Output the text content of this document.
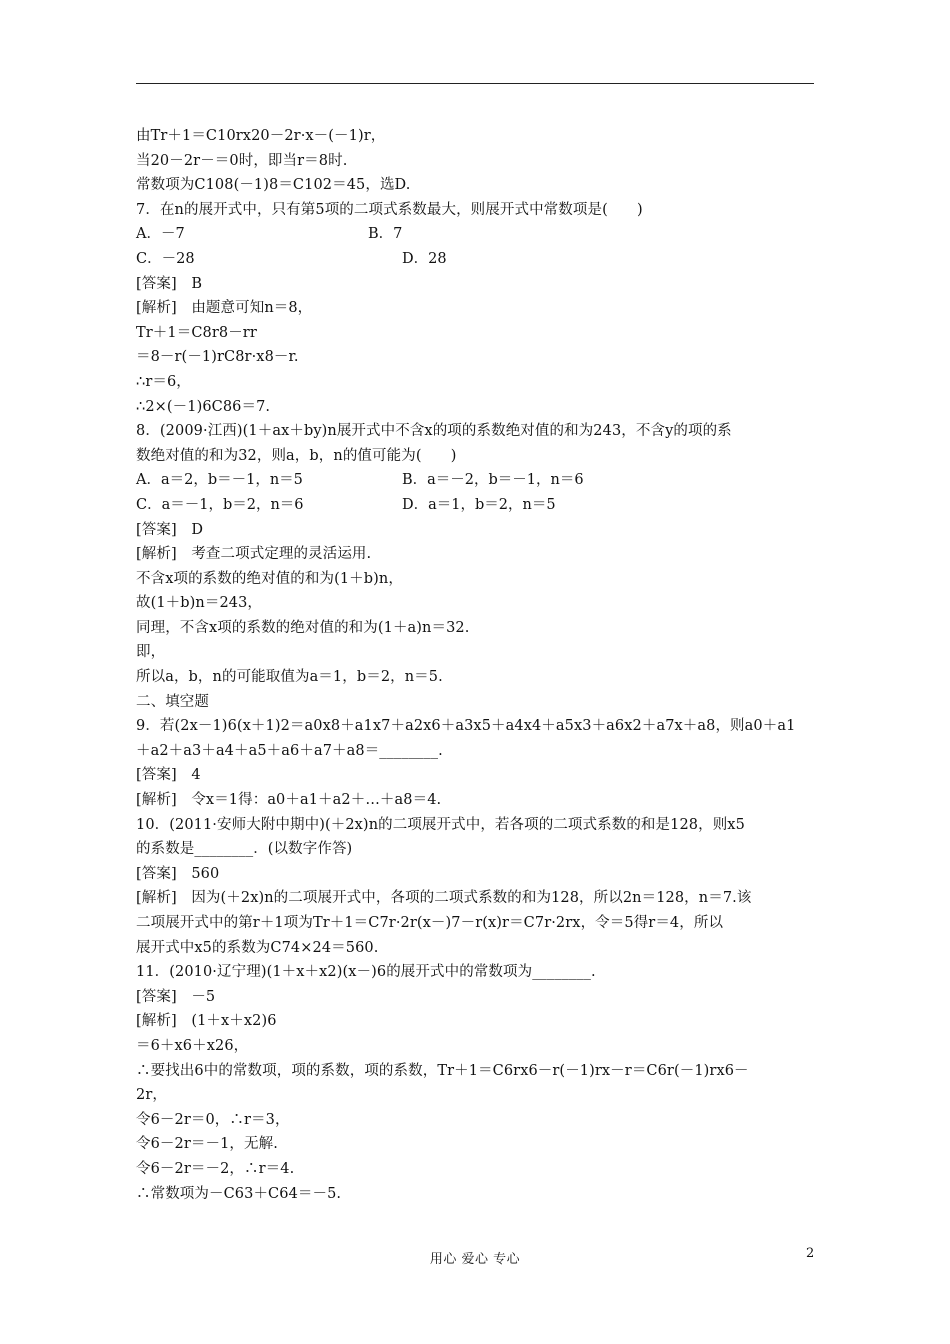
由Tr＋1＝C10rx20－2r·x－(－1)r，
当20－2r－＝0时，即当r＝8时.
常数项为C108(－1)8＝C102＝45，选D.
7．在n的展开式中，只有第5项的二项式系数最大，则展开式中常数项是(　　)
A．－7	B．7
C．－28	D．28
[答案]　B
[解析]　由题意可知n＝8，
Tr＋1＝C8r8－rr
＝8－r(－1)rC8r·x8－r.
∴r＝6，
∴2×(－1)6C86＝7.
8．(2009·江西)(1＋ax＋by)n展开式中不含x的项的系数绝对值的和为243，不含y的项的系
数绝对值的和为32，则a，b，n的值可能为(　　)
A．a＝2，b＝－1，n＝5	B．a＝－2，b＝－1，n＝6
C．a＝－1，b＝2，n＝6	D．a＝1，b＝2，n＝5
[答案]　D
[解析]　考查二项式定理的灵活运用.
不含x项的系数的绝对值的和为(1＋b)n，
故(1＋b)n＝243，
同理，不含x项的系数的绝对值的和为(1＋a)n＝32.
即，
所以a，b，n的可能取值为a＝1，b＝2，n＝5.
二、填空题
9．若(2x－1)6(x＋1)2＝a0x8＋a1x7＋a2x6＋a3x5＋a4x4＋a5x3＋a6x2＋a7x＋a8，则a0＋a1
＋a2＋a3＋a4＋a5＋a6＋a7＋a8＝________.
[答案]　4
[解析]　令x＝1得：a0＋a1＋a2＋…＋a8＝4.
10．(2011·安师大附中期中)(＋2x)n的二项展开式中，若各项的二项式系数的和是128，则x5
的系数是________．(以数字作答)
[答案]　560
[解析]　因为(＋2x)n的二项展开式中，各项的二项式系数的和为128，所以2n＝128，n＝7.该
二项展开式中的第r＋1项为Tr＋1＝C7r·2r(x－)7－r(x)r＝C7r·2rx，令＝5得r＝4，所以
展开式中x5的系数为C74×24＝560.
11．(2010·辽宁理)(1＋x＋x2)(x－)6的展开式中的常数项为________.
[答案]　－5
[解析]　(1＋x＋x2)6
＝6＋x6＋x26，
∴要找出6中的常数项，项的系数，项的系数，Tr＋1＝C6rx6－r(－1)rx－r＝C6r(－1)rx6－
2r，
令6－2r＝0，∴r＝3，
令6－2r＝－1，无解.
令6－2r＝－2，∴r＝4.
∴常数项为－C63＋C64＝－5.
用心 爱心 专心	2
